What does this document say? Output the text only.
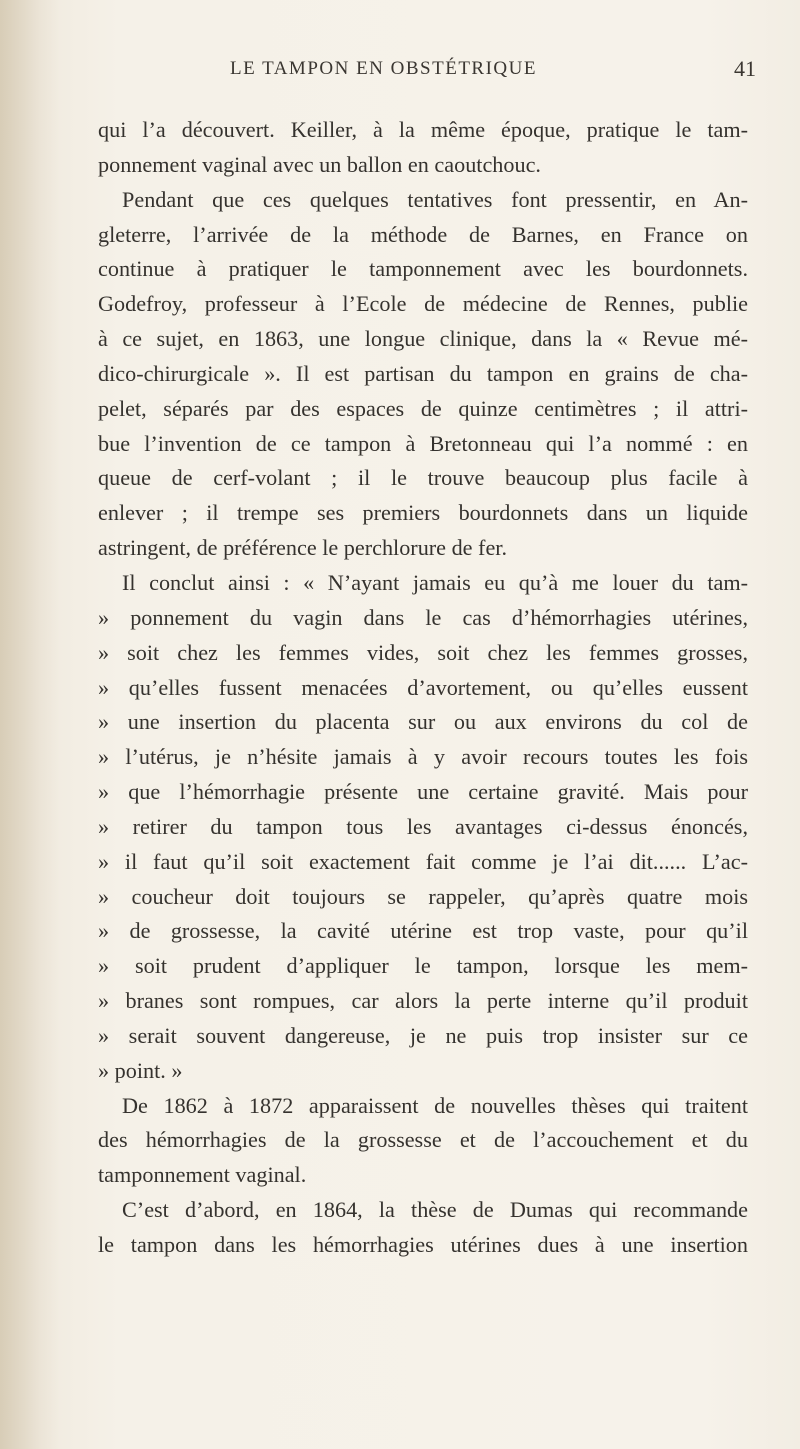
LE TAMPON EN OBSTÉTRIQUE	41
qui l’a découvert. Keiller, à la même époque, pratique le tam-
ponnement vaginal avec un ballon en caoutchouc.
Pendant que ces quelques tentatives font pressentir, en An-
gleterre, l’arrivée de la méthode de Barnes, en France on
continue à pratiquer le tamponnement avec les bourdonnets.
Godefroy, professeur à l’Ecole de médecine de Rennes, publie
à ce sujet, en 1863, une longue clinique, dans la « Revue mé-
dico-chirurgicale ». Il est partisan du tampon en grains de cha-
pelet, séparés par des espaces de quinze centimètres ; il attri-
bue l’invention de ce tampon à Bretonneau qui l’a nommé : en
queue de cerf-volant ; il le trouve beaucoup plus facile à
enlever ; il trempe ses premiers bourdonnets dans un liquide
astringent, de préférence le perchlorure de fer.
Il conclut ainsi : « N’ayant jamais eu qu’à me louer du tam-
» ponnement du vagin dans le cas d’hémorrhagies utérines,
» soit chez les femmes vides, soit chez les femmes grosses,
» qu’elles fussent menacées d’avortement, ou qu’elles eussent
» une insertion du placenta sur ou aux environs du col de
» l’utérus, je n’hésite jamais à y avoir recours toutes les fois
» que l’hémorrhagie présente une certaine gravité. Mais pour
» retirer du tampon tous les avantages ci-dessus énoncés,
» il faut qu’il soit exactement fait comme je l’ai dit...... L’ac-
» coucheur doit toujours se rappeler, qu’après quatre mois
» de grossesse, la cavité utérine est trop vaste, pour qu’il
» soit prudent d’appliquer le tampon, lorsque les mem-
» branes sont rompues, car alors la perte interne qu’il produit
» serait souvent dangereuse, je ne puis trop insister sur ce
» point. »
De 1862 à 1872 apparaissent de nouvelles thèses qui traitent
des hémorrhagies de la grossesse et de l’accouchement et du
tamponnement vaginal.
C’est d’abord, en 1864, la thèse de Dumas qui recommande
le tampon dans les hémorrhagies utérines dues à une insertion
